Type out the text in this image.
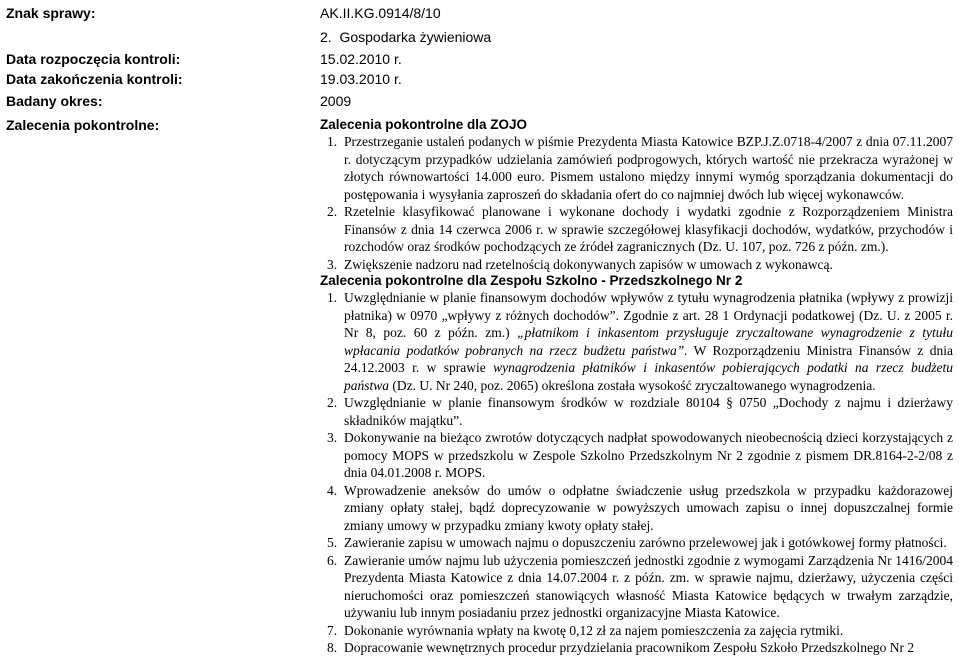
Znak sprawy:	AK.II.KG.0914/8/10
2.  Gospodarka żywieniowa
Data rozpoczęcia kontroli:	15.02.2010 r.
Data zakończenia kontroli:	19.03.2010 r.
Badany okres:	2009
Zalecenia pokontrolne:	Zalecenia pokontrolne dla ZOJO
1. Przestrzeganie ustaleń podanych w piśmie Prezydenta Miasta Katowice BZP.J.Z.0718-4/2007 z dnia 07.11.2007 r. dotyczącym przypadków udzielania zamówień podprogowych, których wartość nie przekracza wyrażonej w złotych równowartości 14.000 euro. Pismem ustalono między innymi wymóg sporządzania dokumentacji do postępowania i wysyłania zaproszeń do składania ofert do co najmniej dwóch lub więcej wykonawców.
2. Rzetelnie klasyfikować planowane i wykonane dochody i wydatki zgodnie z Rozporządzeniem Ministra Finansów z dnia 14 czerwca 2006 r. w sprawie szczegółowej klasyfikacji dochodów, wydatków, przychodów i rozchodów oraz środków pochodzących ze źródeł zagranicznych (Dz. U. 107, poz. 726 z późn. zm.).
3. Zwiększenie nadzoru nad rzetelnością dokonywanych zapisów w umowach z wykonawcą.
Zalecenia pokontrolne dla Zespołu Szkolno - Przedszkolnego Nr 2
1. Uwzględnianie w planie finansowym dochodów wpływów z tytułu wynagrodzenia płatnika (wpływy z prowizji płatnika) w 0970 „wpływy z różnych dochodów”. Zgodnie z art. 28 1 Ordynacji podatkowej (Dz. U. z 2005 r. Nr 8, poz. 60 z późn. zm.) „płatnikom i inkasentom przysługuje zryczaltowane wynagrodzenie z tytułu wpłacania podatków pobranych na rzecz budżetu państwa”. W Rozporządzeniu Ministra Finansów z dnia 24.12.2003 r. w sprawie wynagrodzenia płatników i inkasentów pobierających podatki na rzecz budżetu państwa (Dz. U. Nr 240, poz. 2065) określona została wysokość zryczaltowanego wynagrodzenia.
2. Uwzględnianie w planie finansowym środków w rozdziale 80104 § 0750 „Dochody z najmu i dzierżawy składników majątku”.
3. Dokonywanie na bieżąco zwrotów dotyczących nadpłat spowodowanych nieobecnością dzieci korzystających z pomocy MOPS w przedszkolu w Zespole Szkolno Przedszkolnym Nr 2 zgodnie z pismem DR.8164-2-2/08 z dnia 04.01.2008 r. MOPS.
4. Wprowadzenie aneksów do umów o odpłatne świadczenie usług przedszkola w przypadku każdorazowej zmiany opłaty stałej, bądź doprecyzowanie w powyższych umowach zapisu o innej dopuszczalnej formie zmiany umowy w przypadku zmiany kwoty opłaty stałej.
5. Zawieranie zapisu w umowach najmu o dopuszczeniu zarówno przelewowej jak i gotówkowej formy płatności.
6. Zawieranie umów najmu lub użyczenia pomieszczeń jednostki zgodnie z wymogami Zarządzenia Nr 1416/2004 Prezydenta Miasta Katowice z dnia 14.07.2004 r. z późn. zm. w sprawie najmu, dzierżawy, użyczenia części nieruchomości oraz pomieszczeń stanowiących własność Miasta Katowice będących w trwałym zarządzie, używaniu lub innym posiadaniu przez jednostki organizacyjne Miasta Katowice.
7. Dokonanie wyrównania wpłaty na kwotę 0,12 zł za najem pomieszczenia za zajęcia rytmiki.
8. Dopracowanie wewnętrznych procedur przydzielania pracownikom Zespołu Szkoło Przedszkolnego Nr 2
